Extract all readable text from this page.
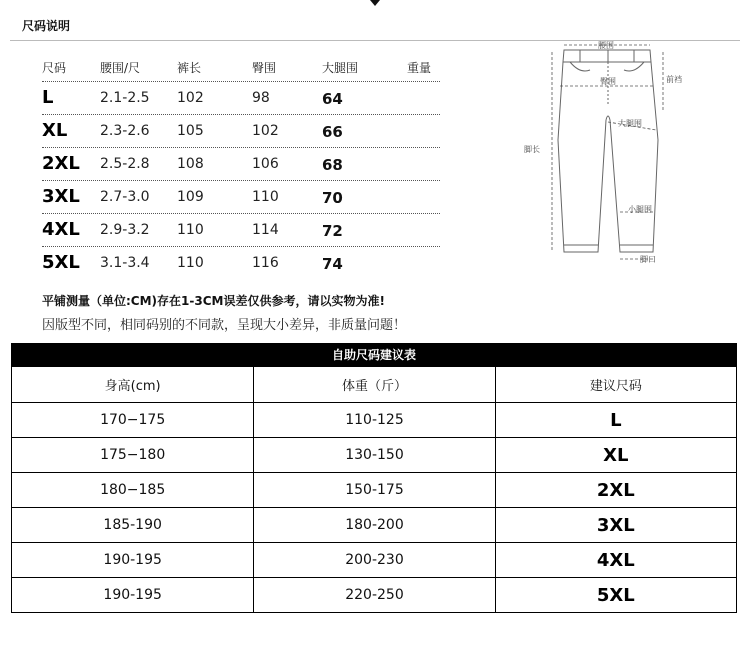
尺码说明
尺码	腰围/尺	裤长	臀围	大腿围	重量
L	2.1-2.5 102	98	64
XL 2.3-2.6 105	102	66
2XL 2.5-2.8 108	106	68
3XL 2.7-3.0 109	110	70
4XL 2.9-3.2 110	114	72
5XL 3.1-3.4 110	116	74
平铺测量（单位:CM)存在1-3CM误差仅供参考，请以实物为准!
因版型不同，相同码别的不同款，呈现大小差异，非质量问题！
腰围
臀围	前裆
大腿围
脚长
小腿围
脚口
自助尺码建议表
身高(cm)	体重（斤）	建议尺码
170−175	110-125	L
175−180	130-150	XL
180−185	150-175	2XL
185-190	180-200	3XL
190-195	200-230	4XL
190-195	220-250	5XL
